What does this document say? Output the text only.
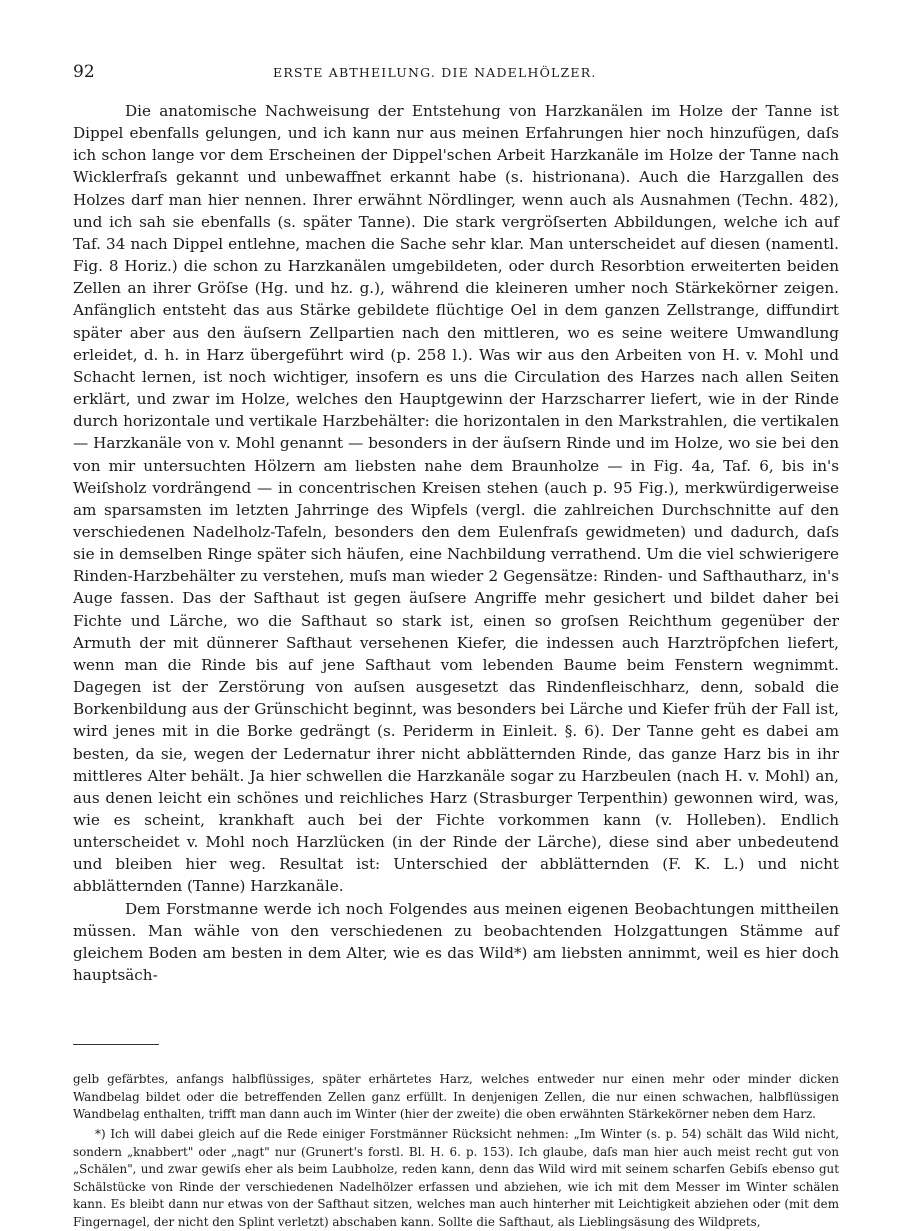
92	ERSTE ABTHEILUNG. DIE NADELHÖLZER.

Die anatomische Nachweisung der Entstehung von Harzkanälen im Holze der Tanne ist Dippel ebenfalls gelungen, und ich kann nur aus meinen Erfahrungen hier noch hinzufügen, daſs ich schon lange vor dem Erscheinen der Dippel'schen Arbeit Harzkanäle im Holze der Tanne nach Wicklerfraſs gekannt und unbewaffnet erkannt habe (s. histrionana). Auch die Harzgallen des Holzes darf man hier nennen. Ihrer erwähnt Nördlinger, wenn auch als Ausnahmen (Techn. 482), und ich sah sie ebenfalls (s. später Tanne). Die stark vergröſserten Abbildungen, welche ich auf Taf. 34 nach Dippel entlehne, machen die Sache sehr klar. Man unterscheidet auf diesen (namentl. Fig. 8 Horiz.) die schon zu Harzkanälen umgebildeten, oder durch Resorbtion erweiterten beiden Zellen an ihrer Gröſse (Hg. und hz. g.), während die kleineren umher noch Stärkekörner zeigen. Anfänglich entsteht das aus Stärke gebildete flüchtige Oel in dem ganzen Zellstrange, diffundirt später aber aus den äuſsern Zellpartien nach den mittleren, wo es seine weitere Umwandlung erleidet, d. h. in Harz übergeführt wird (p. 258 l.). Was wir aus den Arbeiten von H. v. Mohl und Schacht lernen, ist noch wichtiger, insofern es uns die Circulation des Harzes nach allen Seiten erklärt, und zwar im Holze, welches den Hauptgewinn der Harzscharrer liefert, wie in der Rinde durch horizontale und vertikale Harzbehälter: die horizontalen in den Markstrahlen, die vertikalen — Harzkanäle von v. Mohl genannt — besonders in der äuſsern Rinde und im Holze, wo sie bei den von mir untersuchten Hölzern am liebsten nahe dem Braunholze — in Fig. 4a, Taf. 6, bis in's Weiſsholz vordrängend — in concentrischen Kreisen stehen (auch p. 95 Fig.), merkwürdigerweise am sparsamsten im letzten Jahrringe des Wipfels (vergl. die zahlreichen Durchschnitte auf den verschiedenen Nadelholz-Tafeln, besonders den dem Eulenfraſs gewidmeten) und dadurch, daſs sie in demselben Ringe später sich häufen, eine Nachbildung verrathend. Um die viel schwierigere Rinden-Harzbehälter zu verstehen, muſs man wieder 2 Gegensätze: Rinden- und Safthautharz, in's Auge fassen. Das der Safthaut ist gegen äuſsere Angriffe mehr gesichert und bildet daher bei Fichte und Lärche, wo die Safthaut so stark ist, einen so groſsen Reichthum gegenüber der Armuth der mit dünnerer Safthaut versehenen Kiefer, die indessen auch Harztröpfchen liefert, wenn man die Rinde bis auf jene Safthaut vom lebenden Baume beim Fenstern wegnimmt. Dagegen ist der Zerstörung von auſsen ausgesetzt das Rindenfleischharz, denn, sobald die Borkenbildung aus der Grünschicht beginnt, was besonders bei Lärche und Kiefer früh der Fall ist, wird jenes mit in die Borke gedrängt (s. Periderm in Einleit. §. 6). Der Tanne geht es dabei am besten, da sie, wegen der Ledernatur ihrer nicht abblätternden Rinde, das ganze Harz bis in ihr mittleres Alter behält. Ja hier schwellen die Harzkanäle sogar zu Harzbeulen (nach H. v. Mohl) an, aus denen leicht ein schönes und reichliches Harz (Strasburger Terpenthin) gewonnen wird, was, wie es scheint, krankhaft auch bei der Fichte vorkommen kann (v. Holleben). Endlich unterscheidet v. Mohl noch Harzlücken (in der Rinde der Lärche), diese sind aber unbedeutend und bleiben hier weg. Resultat ist: Unterschied der abblätternden (F. K. L.) und nicht abblätternden (Tanne) Harzkanäle.

Dem Forstmanne werde ich noch Folgendes aus meinen eigenen Beobachtungen mittheilen müssen. Man wähle von den verschiedenen zu beobachtenden Holzgattungen Stämme auf gleichem Boden am besten in dem Alter, wie es das Wild*) am liebsten annimmt, weil es hier doch hauptsäch-

gelb gefärbtes, anfangs halbflüssiges, später erhärtetes Harz, welches entweder nur einen mehr oder minder dicken Wandbelag bildet oder die betreffenden Zellen ganz erfüllt. In denjenigen Zellen, die nur einen schwachen, halbflüssigen Wandbelag enthalten, trifft man dann auch im Winter (hier der zweite) die oben erwähnten Stärkekörner neben dem Harz.

*) Ich will dabei gleich auf die Rede einiger Forstmänner Rücksicht nehmen: „Im Winter (s. p. 54) schält das Wild nicht, sondern „knabbert" oder „nagt" nur (Grunert's forstl. Bl. H. 6. p. 153). Ich glaube, daſs man hier auch meist recht gut von „Schälen", und zwar gewiſs eher als beim Laubholze, reden kann, denn das Wild wird mit seinem scharfen Gebiſs ebenso gut Schälstücke von Rinde der verschiedenen Nadelhölzer erfassen und abziehen, wie ich mit dem Messer im Winter schälen kann. Es bleibt dann nur etwas von der Safthaut sitzen, welches man auch hinterher mit Leichtigkeit abziehen oder (mit dem Fingernagel, der nicht den Splint verletzt) abschaben kann. Sollte die Safthaut, als Lieblingsäsung des Wildprets,
